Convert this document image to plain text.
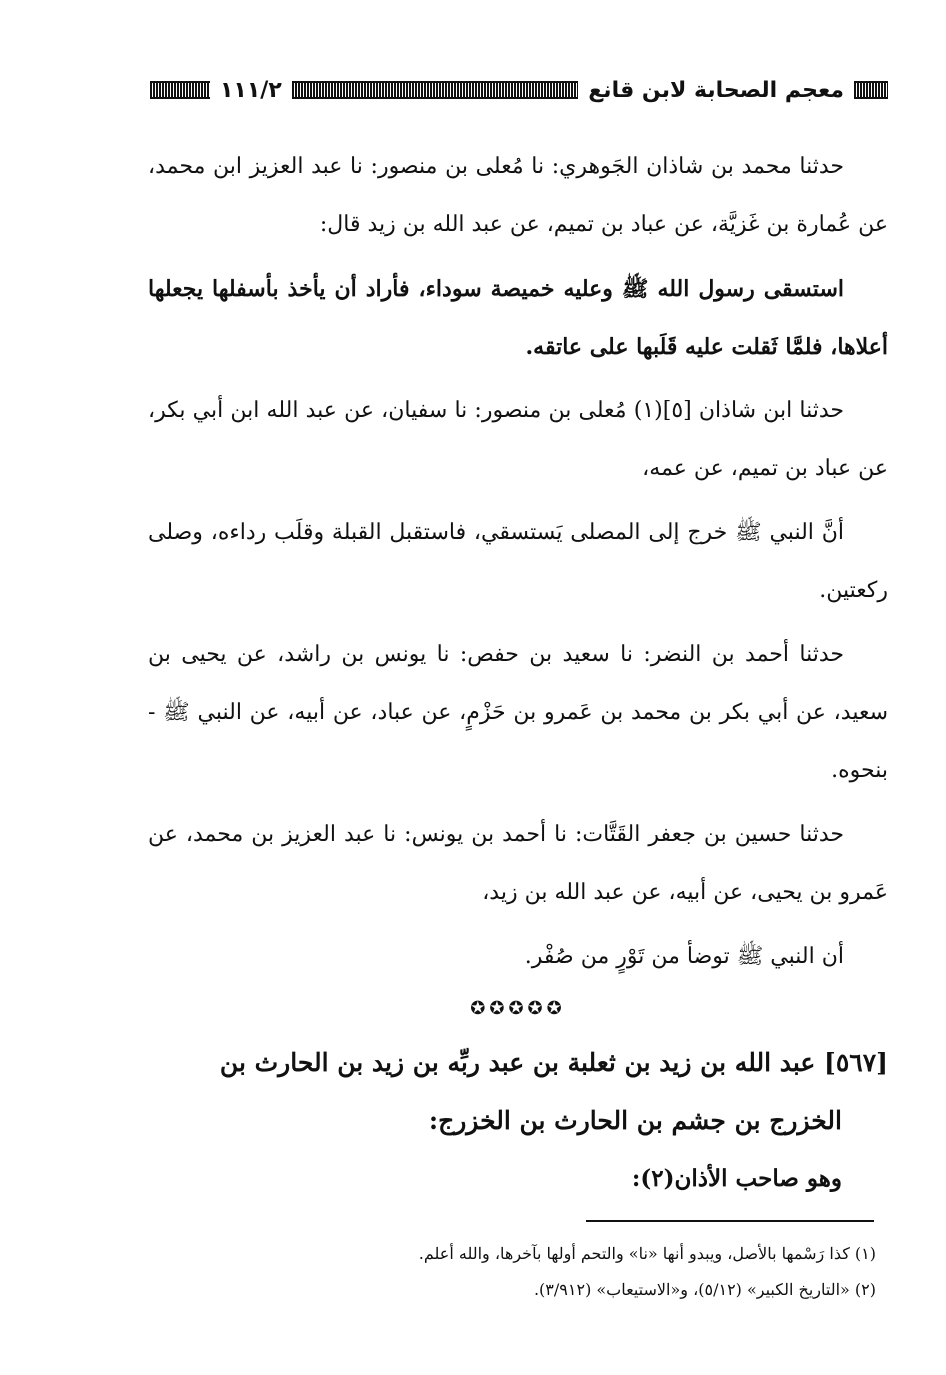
معجم الصحابة لابن قانع
١١١/٢

حدثنا محمد بن شاذان الجَوهري: نا مُعلى بن منصور: نا عبد العزيز ابن محمد، عن عُمارة بن غَزيَّة، عن عباد بن تميم، عن عبد الله بن زيد قال:

استسقى رسول الله ﷺ وعليه خميصة سوداء، فأراد أن يأخذ بأسفلها يجعلها أعلاها، فلمَّا ثَقلت عليه قَلَبها على عاتقه.

حدثنا ابن شاذان [٥](١) مُعلى بن منصور: نا سفيان، عن عبد الله ابن أبي بكر، عن عباد بن تميم، عن عمه،

أنَّ النبي ﷺ خرج إلى المصلى يَستسقي، فاستقبل القبلة وقلَب رداءه، وصلى ركعتين.

حدثنا أحمد بن النضر: نا سعيد بن حفص: نا يونس بن راشد، عن يحيى بن سعيد، عن أبي بكر بن محمد بن عَمرو بن حَزْمٍ، عن عباد، عن أبيه، عن النبي ﷺ - بنحوه.

حدثنا حسين بن جعفر القَتَّات: نا أحمد بن يونس: نا عبد العزيز بن محمد، عن عَمرو بن يحيى، عن أبيه، عن عبد الله بن زيد،

أن النبي ﷺ توضأ من تَوْرٍ من صُفْر.

✪✪✪✪✪

[٥٦٧] عبد الله بن زيد بن ثعلبة بن عبد ربِّه بن زيد بن الحارث بن

الخزرج بن جشم بن الحارث بن الخزرج:

وهو صاحب الأذان(٢):

(١) كذا رَسْمها بالأصل، ويبدو أنها «نا» والتحم أولها بآخرها، والله أعلم.

(٢) «التاريخ الكبير» (٥/١٢)، و«الاستيعاب» (٣/٩١٢).
